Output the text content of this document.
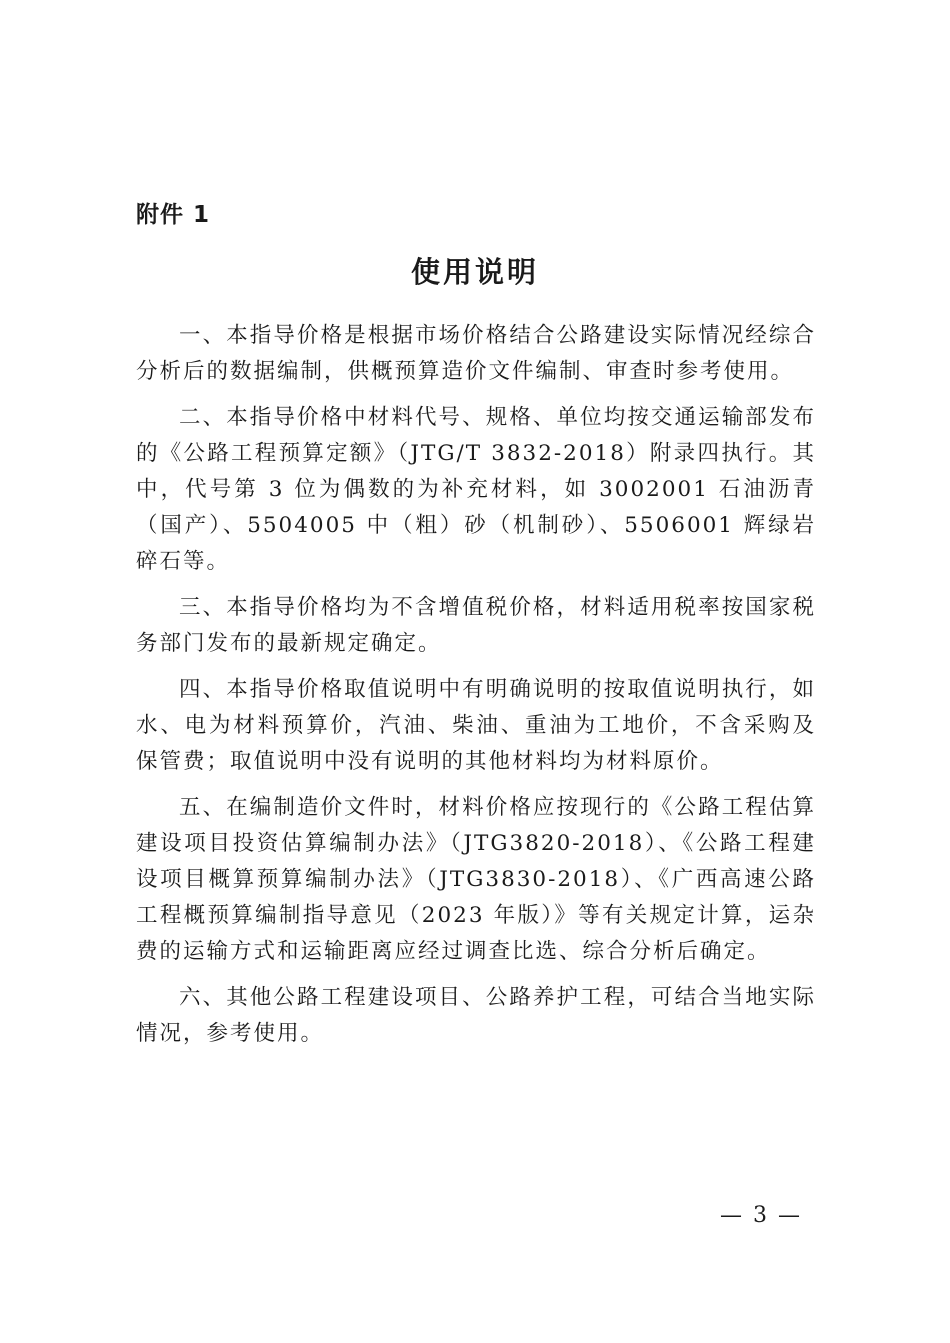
附件 1
使用说明

一、本指导价格是根据市场价格结合公路建设实际情况经综合分析后的数据编制，供概预算造价文件编制、审查时参考使用。

二、本指导价格中材料代号、规格、单位均按交通运输部发布的《公路工程预算定额》（JTG/T 3832-2018）附录四执行。其中，代号第 3 位为偶数的为补充材料，如 3002001 石油沥青（国产）、5504005 中（粗）砂（机制砂）、5506001 辉绿岩碎石等。

三、本指导价格均为不含增值税价格，材料适用税率按国家税务部门发布的最新规定确定。

四、本指导价格取值说明中有明确说明的按取值说明执行，如水、电为材料预算价，汽油、柴油、重油为工地价，不含采购及保管费；取值说明中没有说明的其他材料均为材料原价。

五、在编制造价文件时，材料价格应按现行的《公路工程估算建设项目投资估算编制办法》（JTG3820-2018）、《公路工程建设项目概算预算编制办法》（JTG3830-2018）、《广西高速公路工程概预算编制指导意见（2023 年版）》等有关规定计算，运杂费的运输方式和运输距离应经过调查比选、综合分析后确定。

六、其他公路工程建设项目、公路养护工程，可结合当地实际情况，参考使用。

— 3 —
